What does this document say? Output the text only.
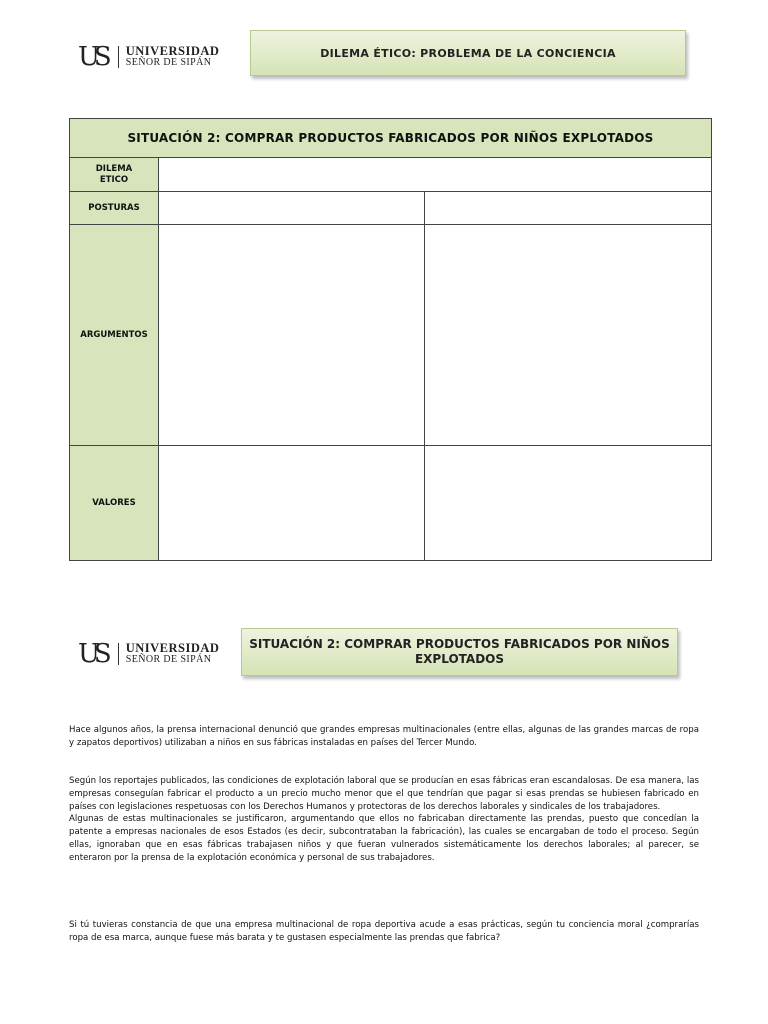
US	UNIVERSIDAD
SEÑOR DE SIPÁN
DILEMA ÉTICO: PROBLEMA DE LA CONCIENCIA
SITUACIÓN 2: COMPRAR PRODUCTOS FABRICADOS POR NIÑOS EXPLOTADOS		
DILEMA
ETICO		
POSTURAS		
ARGUMENTOS		
VALORES		
US	UNIVERSIDAD
SEÑOR DE SIPÁN
SITUACIÓN 2: COMPRAR PRODUCTOS FABRICADOS POR NIÑOS EXPLOTADOS
Hace algunos años, la prensa internacional denunció que grandes empresas multinacionales (entre ellas, algunas de las grandes marcas de ropa y zapatos deportivos) utilizaban a niños en sus fábricas instaladas en países del Tercer Mundo.
Según los reportajes publicados, las condiciones de explotación laboral que se producían en esas fábricas eran escandalosas. De esa manera, las empresas conseguían fabricar el producto a un precio mucho menor que el que tendrían que pagar si esas prendas se hubiesen fabricado en países con legislaciones respetuosas con los Derechos Humanos y protectoras de los derechos laborales y sindicales de los trabajadores.
Algunas de estas multinacionales se justificaron, argumentando que ellos no fabricaban directamente las prendas, puesto que concedían la patente a empresas nacionales de esos Estados (es decir, subcontrataban la fabricación), las cuales se encargaban de todo el proceso. Según ellas, ignoraban que en esas fábricas trabajasen niños y que fueran vulnerados sistemáticamente los derechos laborales; al parecer, se enteraron por la prensa de la explotación económica y personal de sus trabajadores.
Si tú tuvieras constancia de que una empresa multinacional de ropa deportiva acude a esas prácticas, según tu conciencia moral ¿comprarías ropa de esa marca, aunque fuese más barata y te gustasen especialmente las prendas que fabrica?
